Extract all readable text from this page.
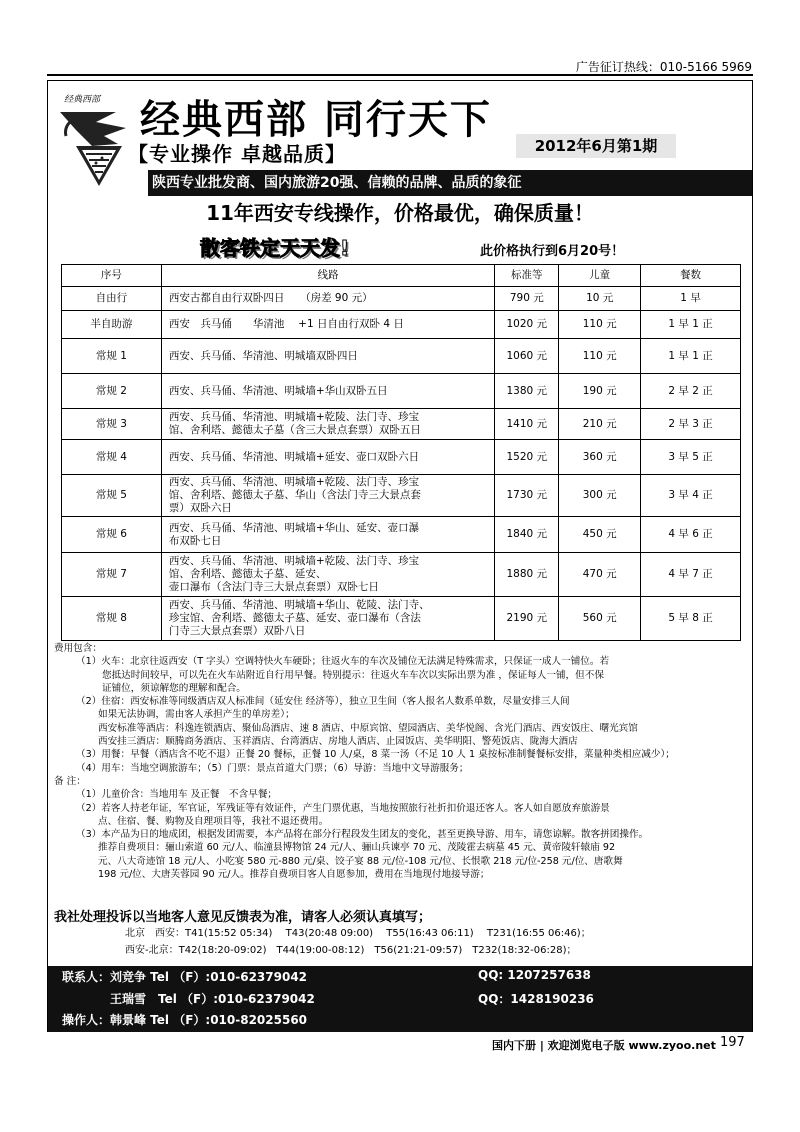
广告征订热线：010-5166 5969
经典西部 经典西部 同行天下
【专业操作 卓越品质】	2012年6月第1期
陕西专业批发商、国内旅游20强、信赖的品牌、品质的象征
11年西安专线操作，价格最优，确保质量！
散客铁定天天发!	此价格执行到6月20号！
序号	线路	标准等	儿童	餐数
自由行	西安古都自由行双卧四日　　（房差 90 元）	790 元	10 元	1 早
半自助游	西安　兵马俑　　华清池　 +1 日自由行双卧 4 日	1020 元	110 元	1 早 1 正
常规 1	西安、兵马俑、华清池、明城墙双卧四日	1060 元	110 元	1 早 1 正
常规 2	西安、兵马俑、华清池、明城墙+华山双卧五日	1380 元	190 元	2 早 2 正
常规 3	西安、兵马俑、华清池、明城墙+乾陵、法门寺、珍宝
馆、舍利塔、懿德太子墓（含三大景点套票）双卧五日	1410 元	210 元	2 早 3 正
常规 4	西安、兵马俑、华清池、明城墙+延安、壶口双卧六日	1520 元	360 元	3 早 5 正
常规 5	西安、兵马俑、华清池、明城墙+乾陵、法门寺、珍宝
馆、舍利塔、懿德太子墓、华山（含法门寺三大景点套
票）双卧六日	1730 元	300 元	3 早 4 正
常规 6	西安、兵马俑、华清池、明城墙+华山、延安、壶口瀑
布双卧七日	1840 元	450 元	4 早 6 正
常规 7	西安、兵马俑、华清池、明城墙+乾陵、法门寺、珍宝
馆、舍利塔、懿德太子墓、延安、
壶口瀑布（含法门寺三大景点套票）双卧七日	1880 元	470 元	4 早 7 正
常规 8	西安、兵马俑、华清池、明城墙+华山、乾陵、法门寺、
珍宝馆、舍利塔、懿德太子墓、延安、壶口瀑布（含法
门寺三大景点套票）双卧八日	2190 元	560 元	5 早 8 正
费用包含：
（1）火车：北京往返西安（T 字头）空调特快火车硬卧；往返火车的车次及铺位无法满足特殊需求，只保证一成人一铺位。若
您抵达时间较早，可以先在火车站附近自行用早餐。特别提示：往返火车车次以实际出票为准 ，保证每人一铺，但不保
证铺位，须谅解您的理解和配合。
（2）住宿：西安标准等同级酒店双人标准间（延安住 经济等），独立卫生间（客人报名人数系单数，尽量安排三人间
如果无法协调，需由客人承担产生的单房差）；
西安标准等酒店：科逸连锁酒店、聚仙岛酒店、速 8 酒店、中原宾馆、望园酒店、美华悦阁、含光门酒店、西安饭庄、曙光宾馆
西安挂三酒店：顺腾商务酒店、玉祥酒店、台湾酒店、房地人酒店、止园饭店、美华明阳、警苑饭店、陇海大酒店
（3）用餐：早餐（酒店含不吃不退）正餐 20 餐标，正餐 10 人/桌，8 菜一汤（不足 10 人 1 桌按标准制餐餐标安排，菜量种类相应减少）；
（4）用车：当地空调旅游车；（5）门票：景点首道大门票；（6）导游：当地中文导游服务；
备 注：
（1）儿童价含：当地用车 及正餐　不含早餐；
（2）若客人持老年证，军官证，军残证等有效证件，产生门票优惠，当地按照旅行社折扣价退还客人。客人如自愿放弃旅游景
点、住宿、餐、购物及自理项目等，我社不退还费用。
（3）本产品为日的地成团，根据发团需要，本产品将在部分行程段发生团友的变化，甚至更换导游、用车，请您谅解。散客拼团操作。
推荐自费项目：骊山索道 60 元/人、临潼县博物馆 24 元/人、骊山兵谏亭 70 元、茂陵霍去病墓 45 元、黄帝陵轩辕庙 92
元、八大奇迹馆 18 元/人、小吃宴 580 元-880 元/桌、饺子宴 88 元/位-108 元/位、长恨歌 218 元/位-258 元/位、唐歌舞
198 元/位、大唐芙蓉园 90 元/人。推荐自费项目客人自愿参加，费用在当地现付地接导游；
我社处理投诉以当地客人意见反馈表为准，请客人必须认真填写；
北京　西安：T41(15:52 05:34)　 T43(20:48 09:00)　 T55(16:43 06:11)　 T231(16:55 06:46)；
西安-北京：T42(18:20-09:02)　T44(19:00-08:12)　T56(21:21-09:57)　T232(18:32-06:28)；
联系人：刘竞争 Tel （F）:010-62379042	QQ: 1207257638
　　　　王瑞雪　Tel （F）:010-62379042	QQ：1428190236
操作人：韩景峰 Tel （F）:010-82025560
国内下册 | 欢迎浏览电子版 www.zyoo.net 197
